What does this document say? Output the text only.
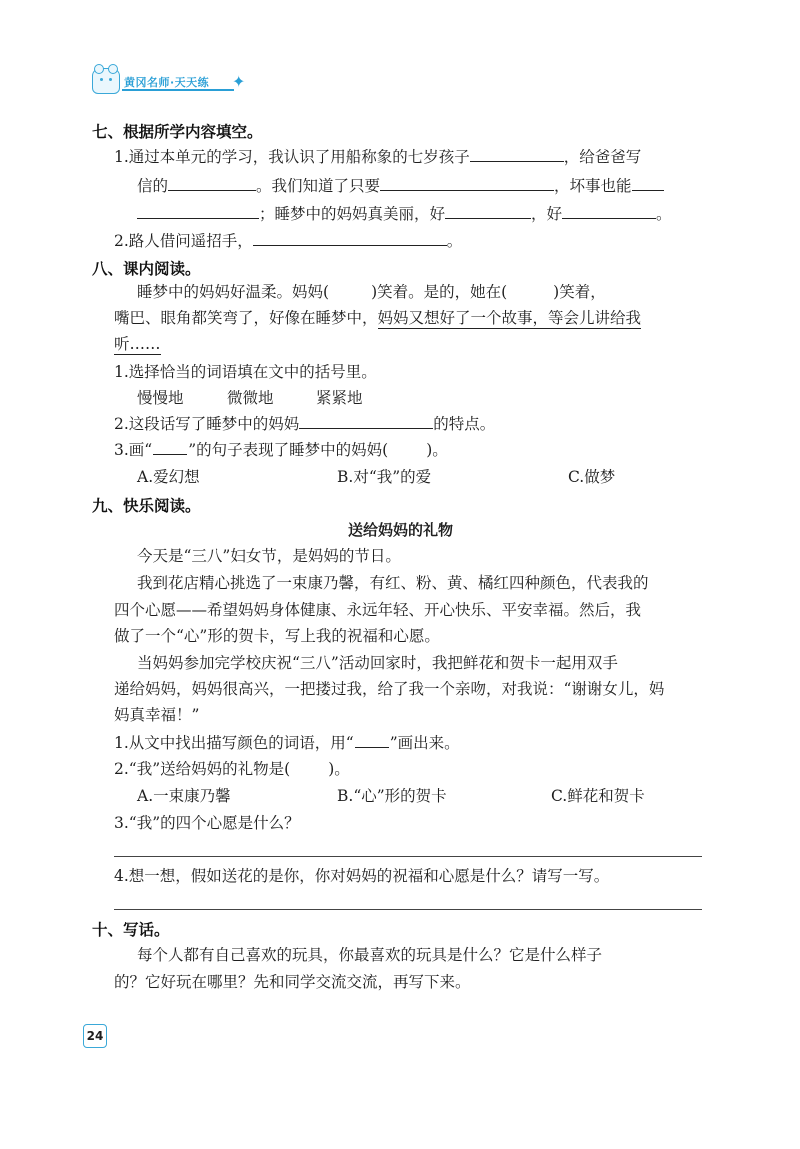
黄冈名师·天天练 ✦
七、根据所学内容填空。
1.通过本单元的学习，我认识了用船称象的七岁孩子	，给爸爸写
信的	。我们知道了只要	，坏事也能
；睡梦中的妈妈真美丽，好	，好	。
2.路人借问遥招手，	。
八、课内阅读。
睡梦中的妈妈好温柔。妈妈(	)笑着。是的，她在(	)笑着，
嘴巴、眼角都笑弯了，好像在睡梦中，妈妈又想好了一个故事，等会儿讲给我
听……
1.选择恰当的词语填在文中的括号里。
慢慢地	微微地	紧紧地
2.这段话写了睡梦中的妈妈	的特点。
3.画“ ”的句子表现了睡梦中的妈妈( )。
A.爱幻想	B.对“我”的爱	C.做梦
九、快乐阅读。
送给妈妈的礼物
今天是“三八”妇女节，是妈妈的节日。
我到花店精心挑选了一束康乃馨，有红、粉、黄、橘红四种颜色，代表我的
四个心愿——希望妈妈身体健康、永远年轻、开心快乐、平安幸福。然后，我
做了一个“心”形的贺卡，写上我的祝福和心愿。
当妈妈参加完学校庆祝“三八”活动回家时，我把鲜花和贺卡一起用双手
递给妈妈，妈妈很高兴，一把搂过我，给了我一个亲吻，对我说：“谢谢女儿，妈
妈真幸福！”
1.从文中找出描写颜色的词语，用“ ”画出来。
2.“我”送给妈妈的礼物是( )。
A.一束康乃馨	B.“心”形的贺卡	C.鲜花和贺卡
3.“我”的四个心愿是什么？
4.想一想，假如送花的是你，你对妈妈的祝福和心愿是什么？请写一写。
十、写话。
每个人都有自己喜欢的玩具，你最喜欢的玩具是什么？它是什么样子
的？它好玩在哪里？先和同学交流交流，再写下来。
24
